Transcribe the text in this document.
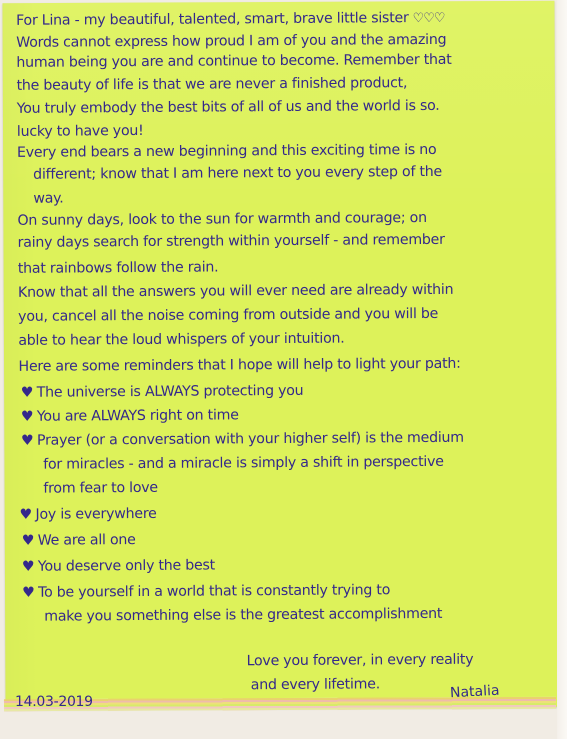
For Lina - my beautiful, talented, smart, brave little sister ♡♡♡
Words cannot express how proud I am of you and the amazing
human being you are and continue to become. Remember that
the beauty of life is that we are never a finished product,
You truly embody the best bits of all of us and the world is so.
lucky to have you!
Every end bears a new beginning and this exciting time is no
different; know that I am here next to you every step of the
way.
On sunny days, look to the sun for warmth and courage; on
rainy days search for strength within yourself - and remember
that rainbows follow the rain.
Know that all the answers you will ever need are already within
you, cancel all the noise coming from outside and you will be
able to hear the loud whispers of your intuition.
Here are some reminders that I hope will help to light your path:
♥ The universe is ALWAYS protecting you
♥ You are ALWAYS right on time
♥ Prayer (or a conversation with your higher self) is the medium
for miracles - and a miracle is simply a shift in perspective
from fear to love
♥ Joy is everywhere
♥ We are all one
♥ You deserve only the best
♥ To be yourself in a world that is constantly trying to
make you something else is the greatest accomplishment
Love you forever, in every reality
and every lifetime.	Natalia
14.03-2019
